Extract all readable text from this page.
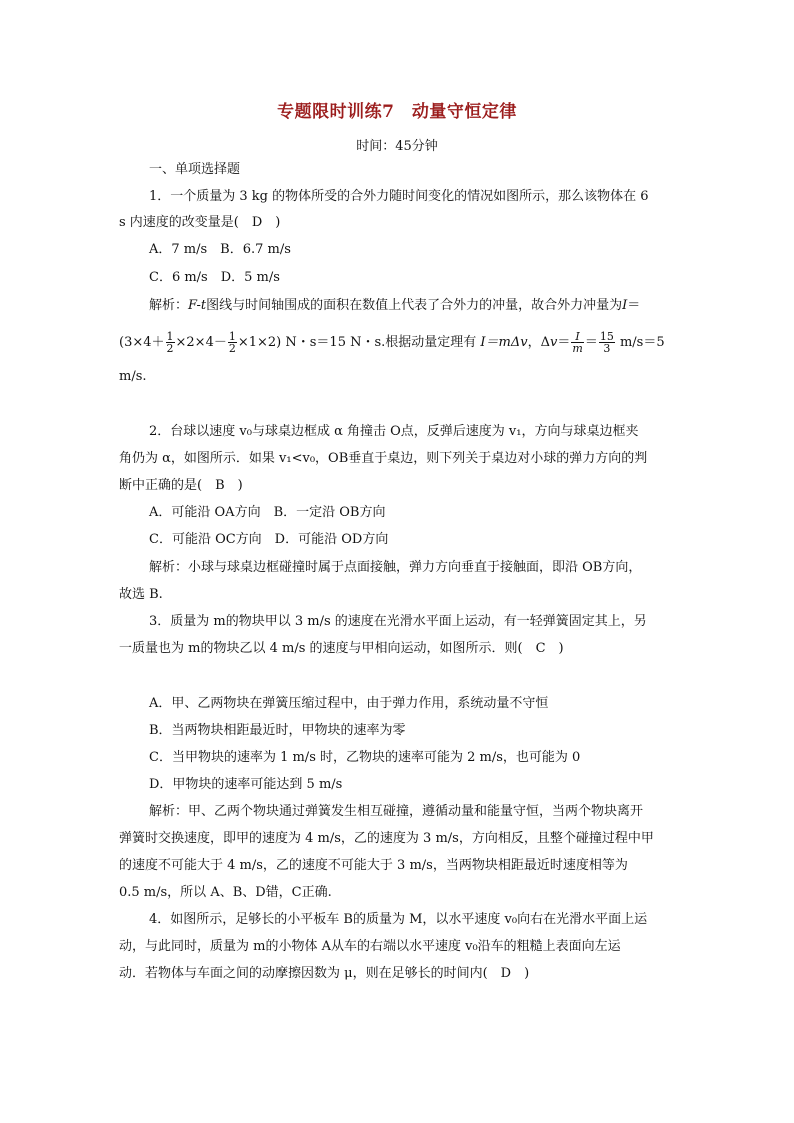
专题限时训练7　动量守恒定律
时间：45分钟
一、单项选择题
1．一个质量为 3 kg 的物体所受的合外力随时间变化的情况如图所示，那么该物体在 6
s 内速度的改变量是(　D　)
A．7 m/s　B．6.7 m/s
C．6 m/s　D．5 m/s
解析：F-t图线与时间轴围成的面积在数值上代表了合外力的冲量，故合外力冲量为I＝
$(3\times 4+ \frac{1}{2} \times 2\times 4- \frac{1}{2} \times 1\times 2)$ N・s＝15 N・s.根据动量定理有 I＝mΔv，$\Delta v= \frac{I}{m} = \frac{15}{3} m/s=5$
m/s.
2．台球以速度 v₀与球桌边框成 α 角撞击 O点，反弹后速度为 v₁，方向与球桌边框夹
角仍为 α，如图所示．如果 v₁<v₀，OB垂直于桌边，则下列关于桌边对小球的弹力方向的判
断中正确的是(　B　)
A．可能沿 OA方向　B．一定沿 OB方向
C．可能沿 OC方向　D．可能沿 OD方向
解析：小球与球桌边框碰撞时属于点面接触，弹力方向垂直于接触面，即沿 OB方向，
故选 B.
3．质量为 m的物块甲以 3 m/s 的速度在光滑水平面上运动，有一轻弹簧固定其上，另
一质量也为 m的物块乙以 4 m/s 的速度与甲相向运动，如图所示．则(　C　)
A．甲、乙两物块在弹簧压缩过程中，由于弹力作用，系统动量不守恒
B．当两物块相距最近时，甲物块的速率为零
C．当甲物块的速率为 1 m/s 时，乙物块的速率可能为 2 m/s，也可能为 0
D．甲物块的速率可能达到 5 m/s
解析：甲、乙两个物块通过弹簧发生相互碰撞，遵循动量和能量守恒，当两个物块离开
弹簧时交换速度，即甲的速度为 4 m/s，乙的速度为 3 m/s，方向相反，且整个碰撞过程中甲
的速度不可能大于 4 m/s，乙的速度不可能大于 3 m/s，当两物块相距最近时速度相等为
0.5 m/s，所以 A、B、D错，C正确.
4．如图所示，足够长的小平板车 B的质量为 M，以水平速度 v₀向右在光滑水平面上运
动，与此同时，质量为 m的小物体 A从车的右端以水平速度 v₀沿车的粗糙上表面向左运
动．若物体与车面之间的动摩擦因数为 μ，则在足够长的时间内(　D　)
